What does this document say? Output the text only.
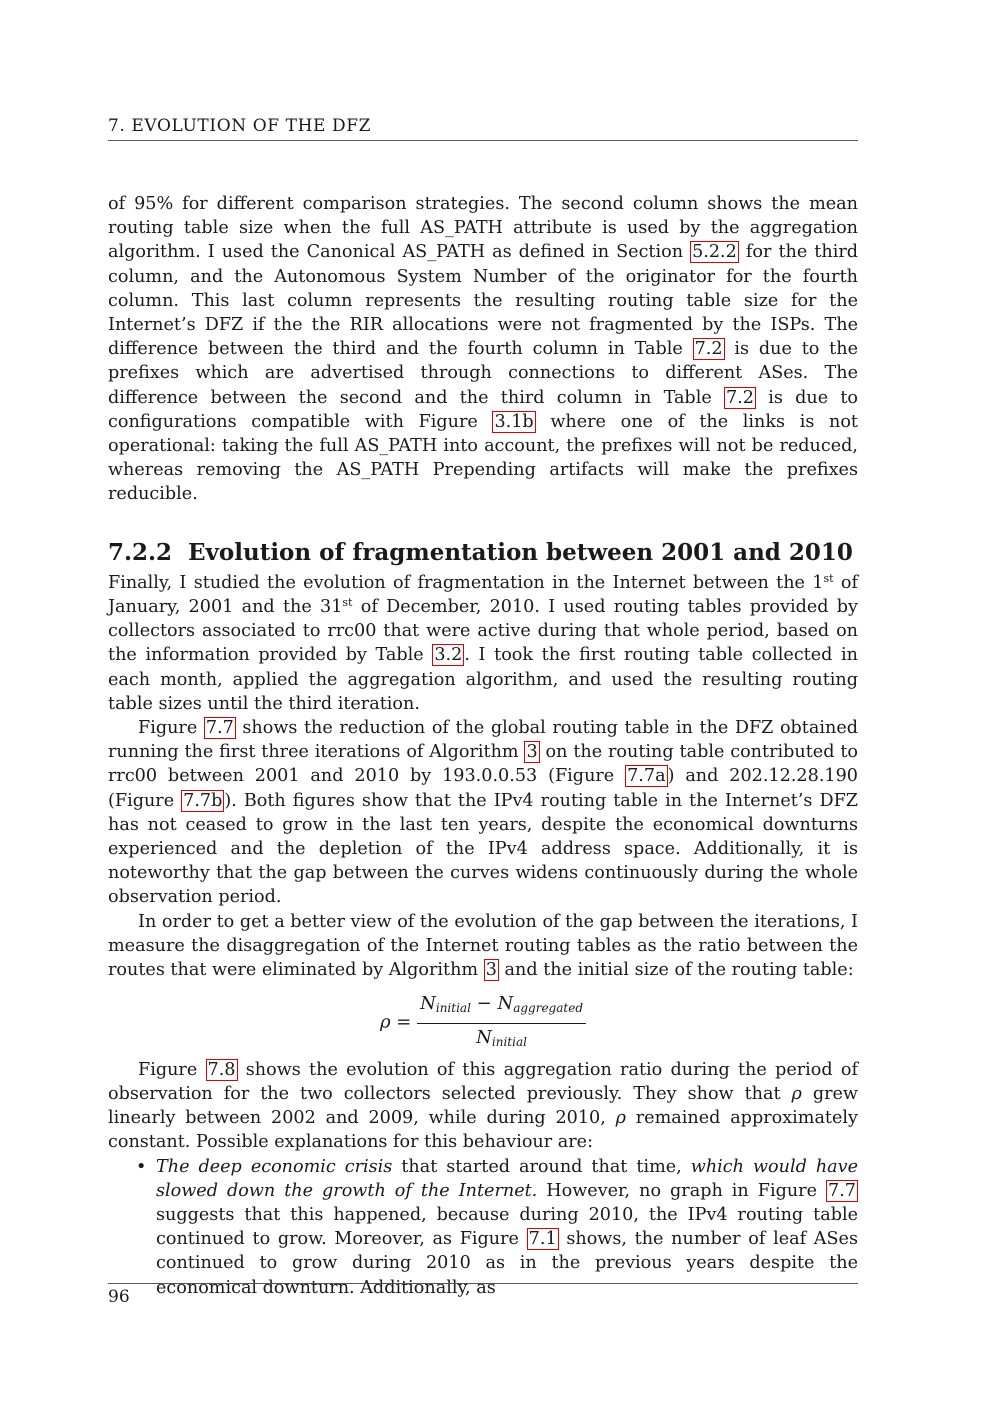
7. EVOLUTION OF THE DFZ

of 95% for different comparison strategies. The second column shows the mean routing table size when the full AS_PATH attribute is used by the aggregation algorithm. I used the Canonical AS_PATH as defined in Section 5.2.2 for the third column, and the Autonomous System Number of the originator for the fourth column. This last column represents the resulting routing table size for the Internet’s DFZ if the the RIR allocations were not fragmented by the ISPs. The difference between the third and the fourth column in Table 7.2 is due to the prefixes which are advertised through connections to different ASes. The difference between the second and the third column in Table 7.2 is due to configurations compatible with Figure 3.1b where one of the links is not operational: taking the full AS_PATH into account, the prefixes will not be reduced, whereas removing the AS_PATH Prepending artifacts will make the prefixes reducible.

7.2.2 Evolution of fragmentation between 2001 and 2010

Finally, I studied the evolution of fragmentation in the Internet between the 1st of January, 2001 and the 31st of December, 2010. I used routing tables provided by collectors associated to rrc00 that were active during that whole period, based on the information provided by Table 3.2 . I took the first routing table collected in each month, applied the aggregation algorithm, and used the resulting routing table sizes until the third iteration.

Figure 7.7 shows the reduction of the global routing table in the DFZ obtained running the first three iterations of Algorithm 3 on the routing table contributed to rrc00 between 2001 and 2010 by 193.0.0.53 (Figure 7.7a ) and 202.12.28.190 (Figure 7.7b ). Both figures show that the IPv4 routing table in the Internet’s DFZ has not ceased to grow in the last ten years, despite the economical downturns experienced and the depletion of the IPv4 address space. Additionally, it is noteworthy that the gap between the curves widens continuously during the whole observation period.

In order to get a better view of the evolution of the gap between the iterations, I measure the disaggregation of the Internet routing tables as the ratio between the routes that were eliminated by Algorithm 3 and the initial size of the routing table:

$\rho = \frac{N_{initial} - N_{aggregated}}{N_{initial}}$

Figure 7.8 shows the evolution of this aggregation ratio during the period of observation for the two collectors selected previously. They show that ρ grew linearly between 2002 and 2009, while during 2010, ρ remained approximately constant. Possible explanations for this behaviour are:

• The deep economic crisis that started around that time, which would have slowed down the growth of the Internet. However, no graph in Figure 7.7 suggests that this happened, because during 2010, the IPv4 routing table continued to grow. Moreover, as Figure 7.1 shows, the number of leaf ASes continued to grow during 2010 as in the previous years despite the economical downturn. Additionally, as
96
